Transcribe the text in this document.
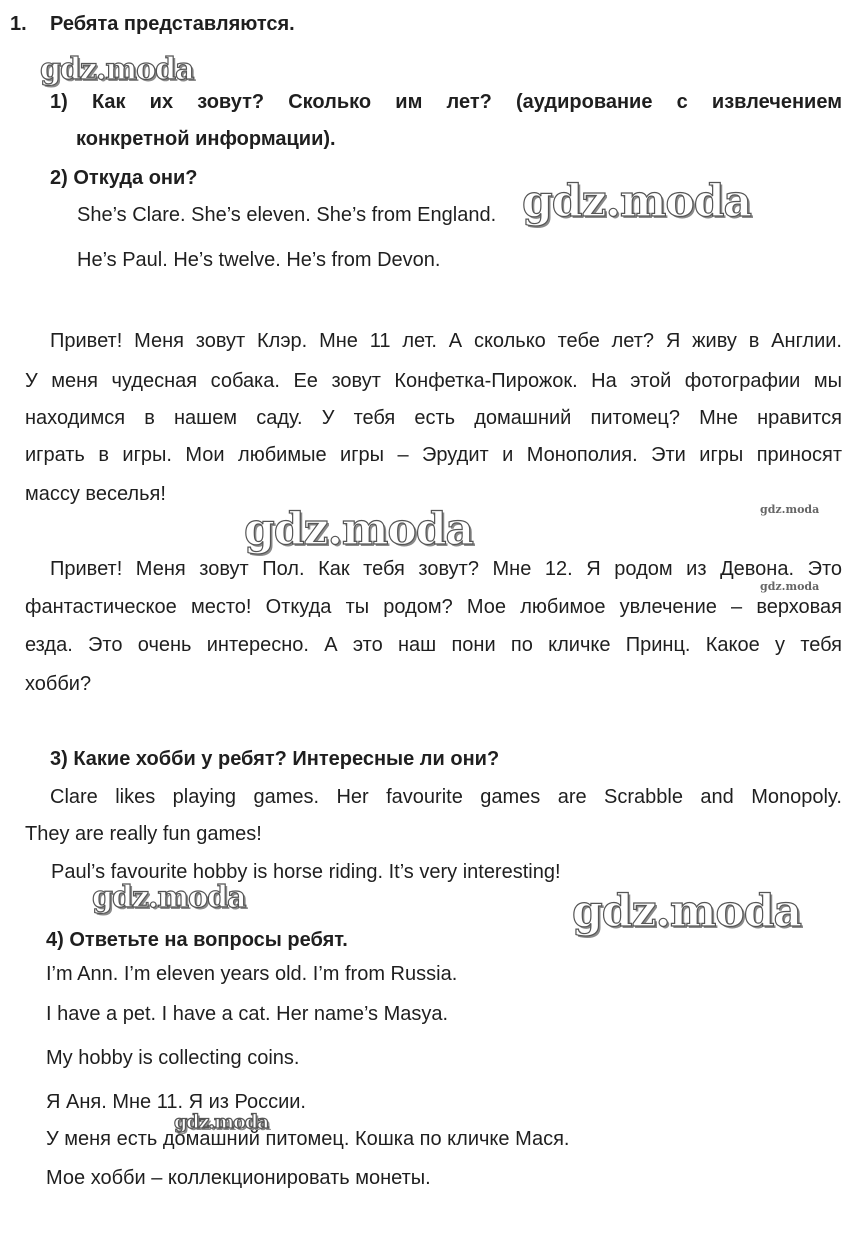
1. Ребята представляются.
1) Как их зовут? Сколько им лет? (аудирование с извлечением
конкретной информации).
2) Откуда они?
She’s Clare. She’s eleven. She’s from England.
He’s Paul. He’s twelve. He’s from Devon.
Привет! Меня зовут Клэр. Мне 11 лет. А сколько тебе лет? Я живу в Англии.
У меня чудесная собака. Ее зовут Конфетка-Пирожок. На этой фотографии мы
находимся в нашем саду. У тебя есть домашний питомец? Мне нравится
играть в игры. Мои любимые игры – Эрудит и Монополия. Эти игры приносят
массу веселья!
Привет! Меня зовут Пол. Как тебя зовут? Мне 12. Я родом из Девона. Это
фантастическое место! Откуда ты родом? Мое любимое увлечение – верховая
езда. Это очень интересно. А это наш пони по кличке Принц. Какое у тебя
хобби?
3) Какие хобби у ребят? Интересные ли они?
Clare likes playing games. Her favourite games are Scrabble and Monopoly.
They are really fun games!
Paul’s favourite hobby is horse riding. It’s very interesting!
4) Ответьте на вопросы ребят.
I’m Ann. I’m eleven years old. I’m from Russia.
I have a pet. I have a cat. Her name’s Masya.
My hobby is collecting coins.
Я Аня. Мне 11. Я из России.
У меня есть домашний питомец. Кошка по кличке Мася.
Мое хобби – коллекционировать монеты.
gdz.moda
gdz.moda
gdz.moda	gdz.moda
gdz.moda
gdz.moda	gdz.moda
gdz.moda
